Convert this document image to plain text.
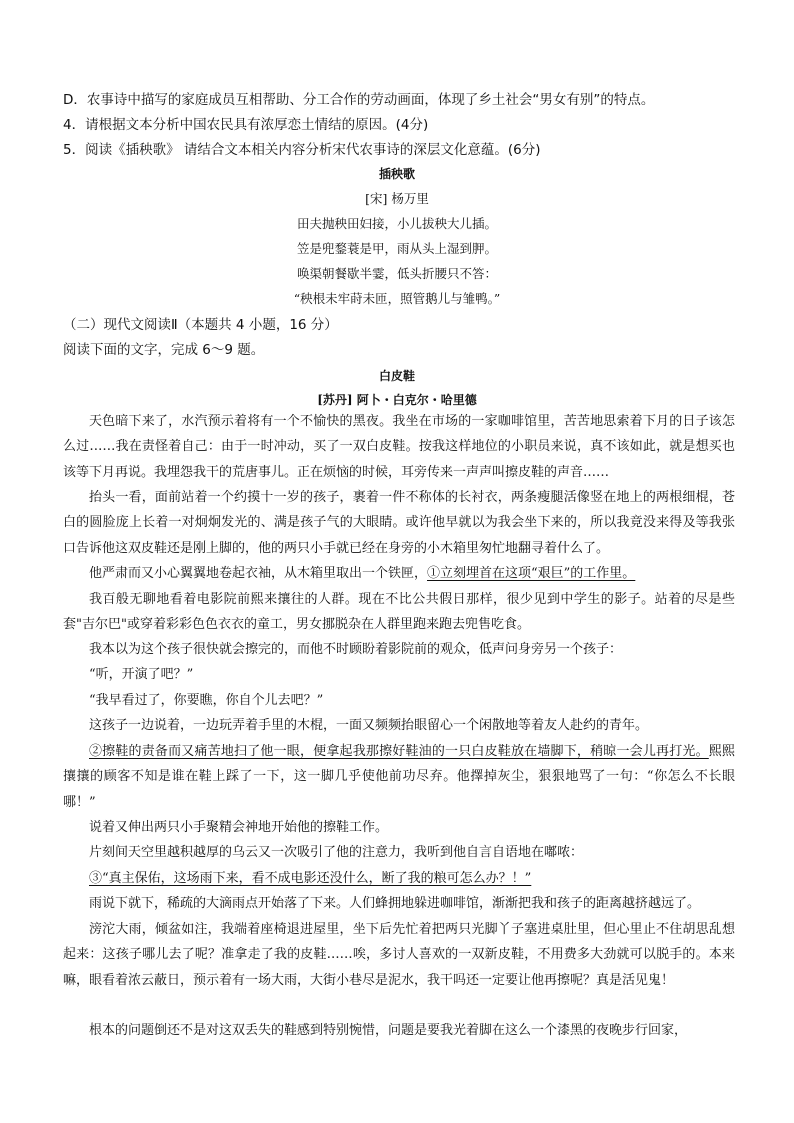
D．农事诗中描写的家庭成员互相帮助、分工合作的劳动画面，体现了乡土社会“男女有别”的特点。
4．请根据文本分析中国农民具有浓厚恋土情结的原因。(4分)
5．阅读《插秧歌》 请结合文本相关内容分析宋代农事诗的深层文化意蕴。(6分)
插秧歌
[宋] 杨万里
田夫抛秧田妇接，小儿拔秧大儿插。
笠是兜鍪蓑是甲，雨从头上湿到胛。
唤渠朝餐歇半霎，低头折腰只不答：
“秧根未牢莳未匝，照管鹅儿与雏鸭。”
（二）现代文阅读Ⅱ（本题共 4 小题，16 分）
阅读下面的文字，完成 6～9 题。
白皮鞋
[苏丹] 阿卜・白克尔・哈里德
天色暗下来了，水汽预示着将有一个不愉快的黑夜。我坐在市场的一家咖啡馆里，苦苦地思索着下月的日子该怎么过……我在责怪着自己：由于一时冲动，买了一双白皮鞋。按我这样地位的小职员来说，真不该如此，就是想买也该等下月再说。我埋怨我干的荒唐事儿。正在烦恼的时候，耳旁传来一声声叫擦皮鞋的声音……
抬头一看，面前站着一个约摸十一岁的孩子，裹着一件不称体的长衬衣，两条瘦腿活像竖在地上的两根细棍，苍白的圆脸庞上长着一对炯炯发光的、满是孩子气的大眼睛。或许他早就以为我会坐下来的，所以我竟没来得及等我张口告诉他这双皮鞋还是刚上脚的，他的两只小手就已经在身旁的小木箱里匆忙地翻寻着什么了。
他严肃而又小心翼翼地卷起衣袖，从木箱里取出一个铁匣，①立刻埋首在这项“艰巨”的工作里。
我百般无聊地看着电影院前熙来攘往的人群。现在不比公共假日那样，很少见到中学生的影子。站着的尽是些套"吉尔巴"或穿着彩彩色色衣衣的童工，男女挪脱杂在人群里跑来跑去兜售吃食。
我本以为这个孩子很快就会擦完的，而他不时顾盼着影院前的观众，低声问身旁另一个孩子：
“听，开演了吧？”
“我早看过了，你要瞧，你自个儿去吧？”
这孩子一边说着，一边玩弄着手里的木棍，一面又频频抬眼留心一个闲散地等着友人赴约的青年。
②擦鞋的责备而又痛苦地扫了他一眼，便拿起我那擦好鞋油的一只白皮鞋放在墙脚下，稍晾一会儿再打光。熙熙攘攘的顾客不知是谁在鞋上踩了一下，这一脚几乎使他前功尽弃。他擇掉灰尘，狠狠地骂了一句：“你怎么不长眼哪！”
说着又伸出两只小手聚精会神地开始他的擦鞋工作。
片刻间天空里越积越厚的乌云又一次吸引了他的注意力，我听到他自言自语地在嘟哝：
③“真主保佑，这场雨下来，看不成电影还没什么，断了我的粮可怎么办？！”
雨说下就下，稀疏的大滴雨点开始落了下来。人们蜂拥地躲进咖啡馆，渐渐把我和孩子的距离越挤越远了。
滂沱大雨，倾盆如注，我端着座椅退进屋里，坐下后先忙着把两只光脚丫子塞进桌肚里，但心里止不住胡思乱想起来：这孩子哪儿去了呢？准拿走了我的皮鞋……唉，多讨人喜欢的一双新皮鞋，不用费多大劲就可以脱手的。本来嘛，眼看着浓云蔽日，预示着有一场大雨，大街小巷尽是泥水，我干吗还一定要让他再擦呢？真是活见鬼！
根本的问题倒还不是对这双丢失的鞋感到特别惋惜，问题是要我光着脚在这么一个漆黑的夜晚步行回家，
